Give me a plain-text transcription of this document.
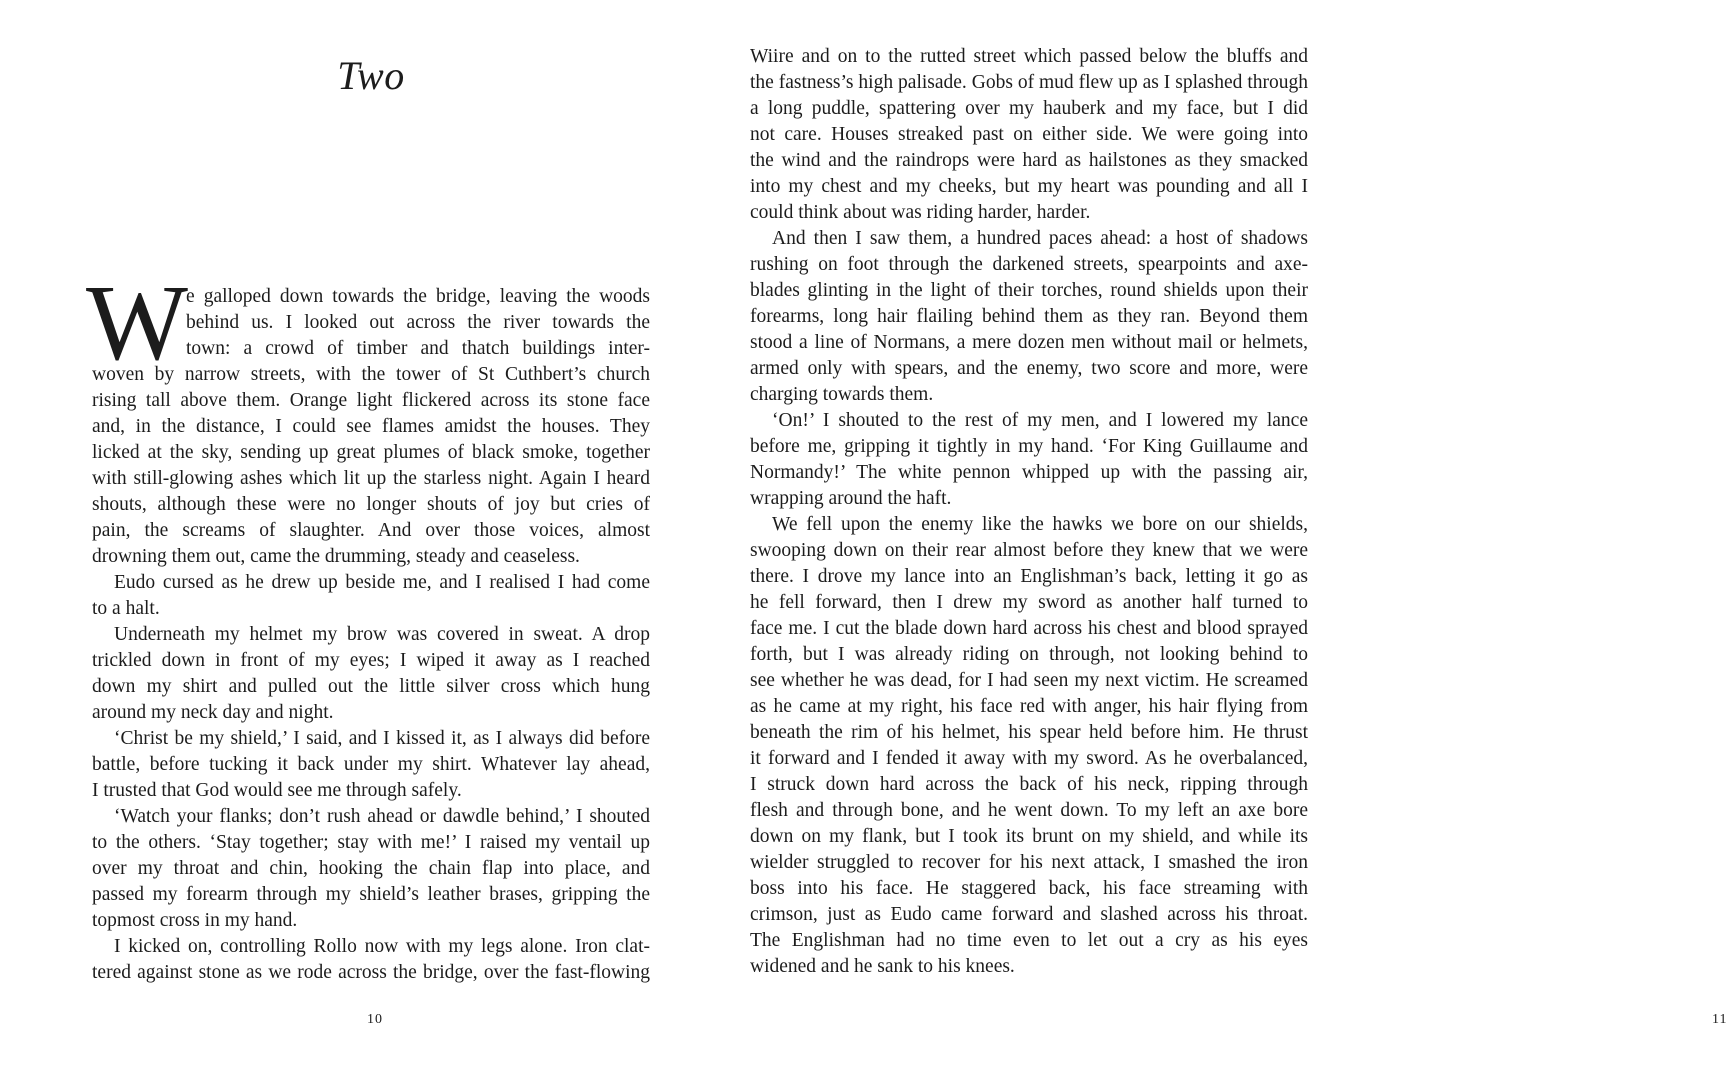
Two
W
e galloped down towards the bridge, leaving the woods
behind us. I looked out across the river towards the
town: a crowd of timber and thatch buildings inter-
woven by narrow streets, with the tower of St Cuthbert’s church
rising tall above them. Orange light flickered across its stone face
and, in the distance, I could see flames amidst the houses. They
licked at the sky, sending up great plumes of black smoke, together
with still-glowing ashes which lit up the starless night. Again I heard
shouts, although these were no longer shouts of joy but cries of
pain, the screams of slaughter. And over those voices, almost
drowning them out, came the drumming, steady and ceaseless.
Eudo cursed as he drew up beside me, and I realised I had come
to a halt.
Underneath my helmet my brow was covered in sweat. A drop
trickled down in front of my eyes; I wiped it away as I reached
down my shirt and pulled out the little silver cross which hung
around my neck day and night.
‘Christ be my shield,’ I said, and I kissed it, as I always did before
battle, before tucking it back under my shirt. Whatever lay ahead,
I trusted that God would see me through safely.
‘Watch your flanks; don’t rush ahead or dawdle behind,’ I shouted
to the others. ‘Stay together; stay with me!’ I raised my ventail up
over my throat and chin, hooking the chain flap into place, and
passed my forearm through my shield’s leather brases, gripping the
topmost cross in my hand.
I kicked on, controlling Rollo now with my legs alone. Iron clat-
tered against stone as we rode across the bridge, over the fast-flowing
10
Wiire and on to the rutted street which passed below the bluffs and
the fastness’s high palisade. Gobs of mud flew up as I splashed through
a long puddle, spattering over my hauberk and my face, but I did
not care. Houses streaked past on either side. We were going into
the wind and the raindrops were hard as hailstones as they smacked
into my chest and my cheeks, but my heart was pounding and all I
could think about was riding harder, harder.
And then I saw them, a hundred paces ahead: a host of shadows
rushing on foot through the darkened streets, spearpoints and axe-
blades glinting in the light of their torches, round shields upon their
forearms, long hair flailing behind them as they ran. Beyond them
stood a line of Normans, a mere dozen men without mail or helmets,
armed only with spears, and the enemy, two score and more, were
charging towards them.
‘On!’ I shouted to the rest of my men, and I lowered my lance
before me, gripping it tightly in my hand. ‘For King Guillaume and
Normandy!’ The white pennon whipped up with the passing air,
wrapping around the haft.
We fell upon the enemy like the hawks we bore on our shields,
swooping down on their rear almost before they knew that we were
there. I drove my lance into an Englishman’s back, letting it go as
he fell forward, then I drew my sword as another half turned to
face me. I cut the blade down hard across his chest and blood sprayed
forth, but I was already riding on through, not looking behind to
see whether he was dead, for I had seen my next victim. He screamed
as he came at my right, his face red with anger, his hair flying from
beneath the rim of his helmet, his spear held before him. He thrust
it forward and I fended it away with my sword. As he overbalanced,
I struck down hard across the back of his neck, ripping through
flesh and through bone, and he went down. To my left an axe bore
down on my flank, but I took its brunt on my shield, and while its
wielder struggled to recover for his next attack, I smashed the iron
boss into his face. He staggered back, his face streaming with
crimson, just as Eudo came forward and slashed across his throat.
The Englishman had no time even to let out a cry as his eyes
widened and he sank to his knees.
11
